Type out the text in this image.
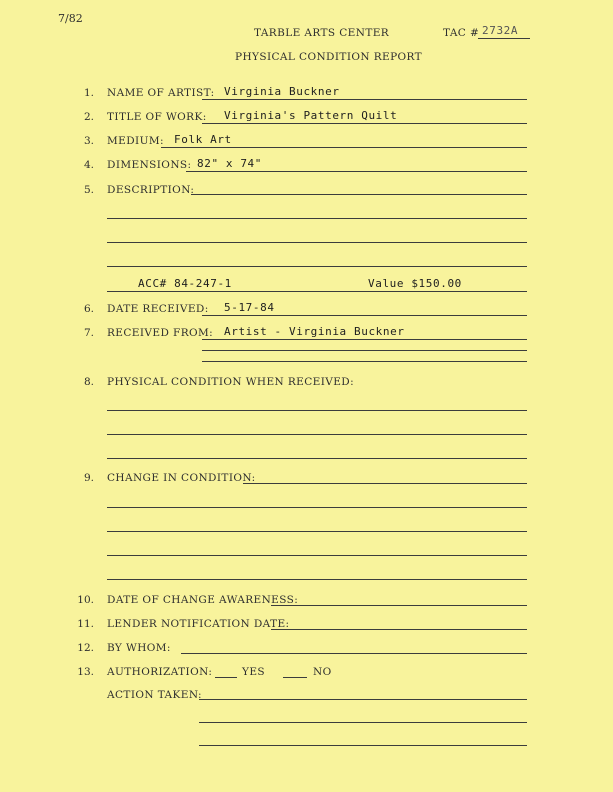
7/82
TARBLE ARTS CENTER	TAC # 2732A
PHYSICAL CONDITION REPORT
1. NAME OF ARTIST: Virginia Buckner
2. TITLE OF WORK: Virginia's Pattern Quilt
3. MEDIUM: Folk Art
4. DIMENSIONS: 82" x 74"
5. DESCRIPTION:
ACC# 84-247-1	Value $150.00
6. DATE RECEIVED: 5-17-84
7. RECEIVED FROM: Artist - Virginia Buckner
8. PHYSICAL CONDITION WHEN RECEIVED:
9. CHANGE IN CONDITION:
10. DATE OF CHANGE AWARENESS:
11. LENDER NOTIFICATION DATE:
12. BY WHOM:
13. AUTHORIZATION:	YES	NO
ACTION TAKEN:
